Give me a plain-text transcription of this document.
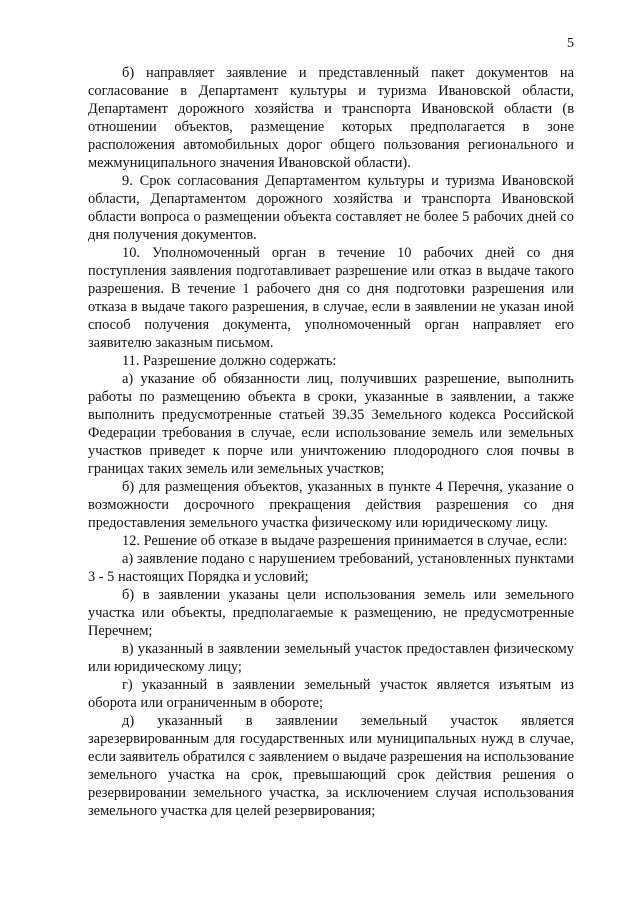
5

б) направляет заявление и представленный пакет документов на согласование в Департамент культуры и туризма Ивановской области, Департамент дорожного хозяйства и транспорта Ивановской области (в отношении объектов, размещение которых предполагается в зоне расположения автомобильных дорог общего пользования регионального и межмуниципального значения Ивановской области).

9. Срок согласования Департаментом культуры и туризма Ивановской области, Департаментом дорожного хозяйства и транспорта Ивановской области вопроса о размещении объекта составляет не более 5 рабочих дней со дня получения документов.

10. Уполномоченный орган в течение 10 рабочих дней со дня поступления заявления подготавливает разрешение или отказ в выдаче такого разрешения. В течение 1 рабочего дня со дня подготовки разрешения или отказа в выдаче такого разрешения, в случае, если в заявлении не указан иной способ получения документа, уполномоченный орган направляет его заявителю заказным письмом.

11. Разрешение должно содержать:

а) указание об обязанности лиц, получивших разрешение, выполнить работы по размещению объекта в сроки, указанные в заявлении, а также выполнить предусмотренные статьей 39.35 Земельного кодекса Российской Федерации требования в случае, если использование земель или земельных участков приведет к порче или уничтожению плодородного слоя почвы в границах таких земель или земельных участков;

б) для размещения объектов, указанных в пункте 4 Перечня, указание о возможности досрочного прекращения действия разрешения со дня предоставления земельного участка физическому или юридическому лицу.

12. Решение об отказе в выдаче разрешения принимается в случае, если:

а) заявление подано с нарушением требований, установленных пунктами 3 - 5 настоящих Порядка и условий;

б) в заявлении указаны цели использования земель или земельного участка или объекты, предполагаемые к размещению, не предусмотренные Перечнем;

в) указанный в заявлении земельный участок предоставлен физическому или юридическому лицу;

г) указанный в заявлении земельный участок является изъятым из оборота или ограниченным в обороте;

д) указанный в заявлении земельный участок является зарезервированным для государственных или муниципальных нужд в случае, если заявитель обратился с заявлением о выдаче разрешения на использование земельного участка на срок, превышающий срок действия решения о резервировании земельного участка, за исключением случая использования земельного участка для целей резервирования;
